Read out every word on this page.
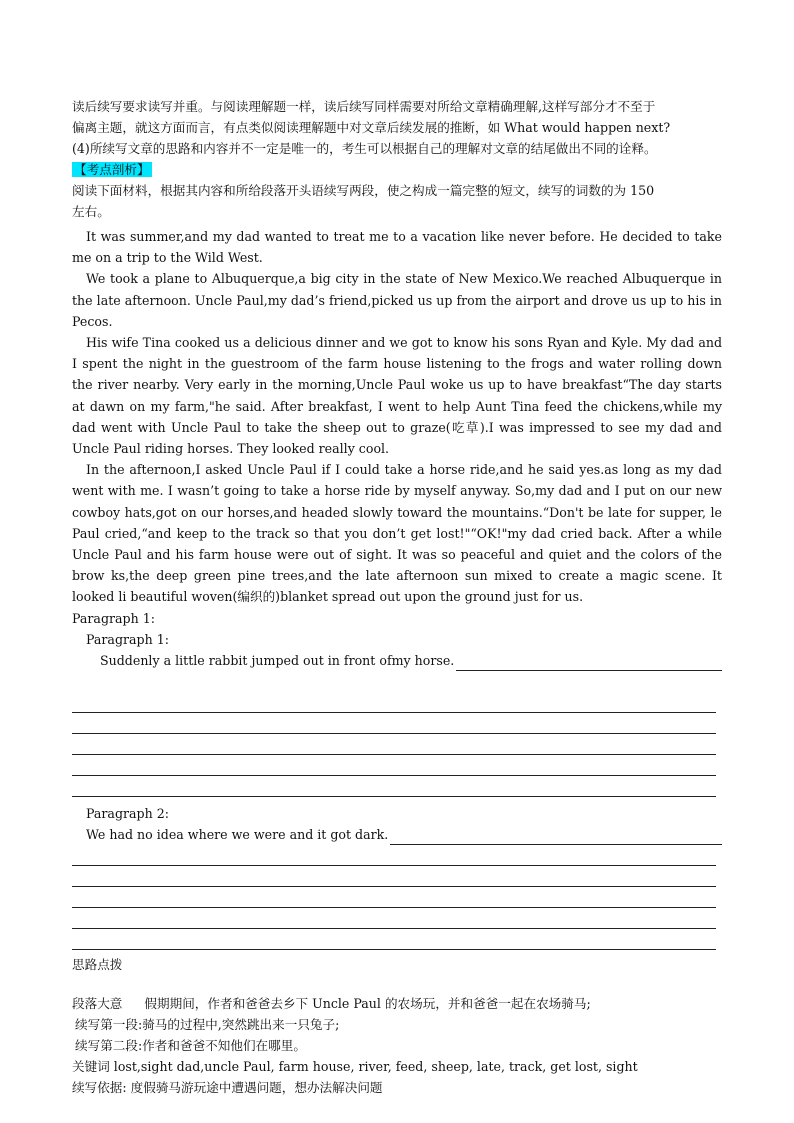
读后续写要求读写并重。与阅读理解题一样，读后续写同样需要对所给文章精确理解,这样写部分才不至于
偏离主题，就这方面而言，有点类似阅读理解题中对文章后续发展的推断，如 What would happen next?
(4)所续写文章的思路和内容并不一定是唯一的，考生可以根据自己的理解对文章的结尾做出不同的诠释。
【考点剖析】
阅读下面材料，根据其内容和所给段落开头语续写两段，使之构成一篇完整的短文，续写的词数的为 150
左右。

It was summer,and my dad wanted to treat me to a vacation like never before. He decided to take me on a trip to the Wild West.

We took a plane to Albuquerque,a big city in the state of New Mexico.We reached Albuquerque in the late afternoon. Uncle Paul,my dad’s friend,picked us up from the airport and drove us up to his in Pecos.

His wife Tina cooked us a delicious dinner and we got to know his sons Ryan and Kyle. My dad and I spent the night in the guestroom of the farm house listening to the frogs and water rolling down the river nearby. Very early in the morning,Uncle Paul woke us up to have breakfast“The day starts at dawn on my farm,"he said. After breakfast, I went to help Aunt Tina feed the chickens,while my dad went with Uncle Paul to take the sheep out to graze(吃草).I was impressed to see my dad and Uncle Paul riding horses. They looked really cool.

In the afternoon,I asked Uncle Paul if I could take a horse ride,and he said yes.as long as my dad went with me. I wasn’t going to take a horse ride by myself anyway. So,my dad and I put on our new cowboy hats,got on our horses,and headed slowly toward the mountains.“Don't be late for supper, le Paul cried,“and keep to the track so that you don’t get lost!"“OK!"my dad cried back. After a while Uncle Paul and his farm house were out of sight. It was so peaceful and quiet and the colors of the brow ks,the deep green pine trees,and the late afternoon sun mixed to create a magic scene. It looked li beautiful woven(编织的)blanket spread out upon the ground just for us.

Paragraph 1:
Paragraph 1:
Suddenly a little rabbit jumped out in front ofmy horse.
Paragraph 2:
We had no idea where we were and it got dark.
思路点拨
段落大意 假期期间，作者和爸爸去乡下 Uncle Paul 的农场玩，并和爸爸一起在农场骑马;
续写第一段:骑马的过程中,突然跳出来一只兔子;
续写第二段:作者和爸爸不知他们在哪里。
关键词 lost,sight dad,uncle Paul, farm house, river, feed, sheep, late, track, get lost, sight
续写依据: 度假骑马游玩途中遭遇问题，想办法解决问题
